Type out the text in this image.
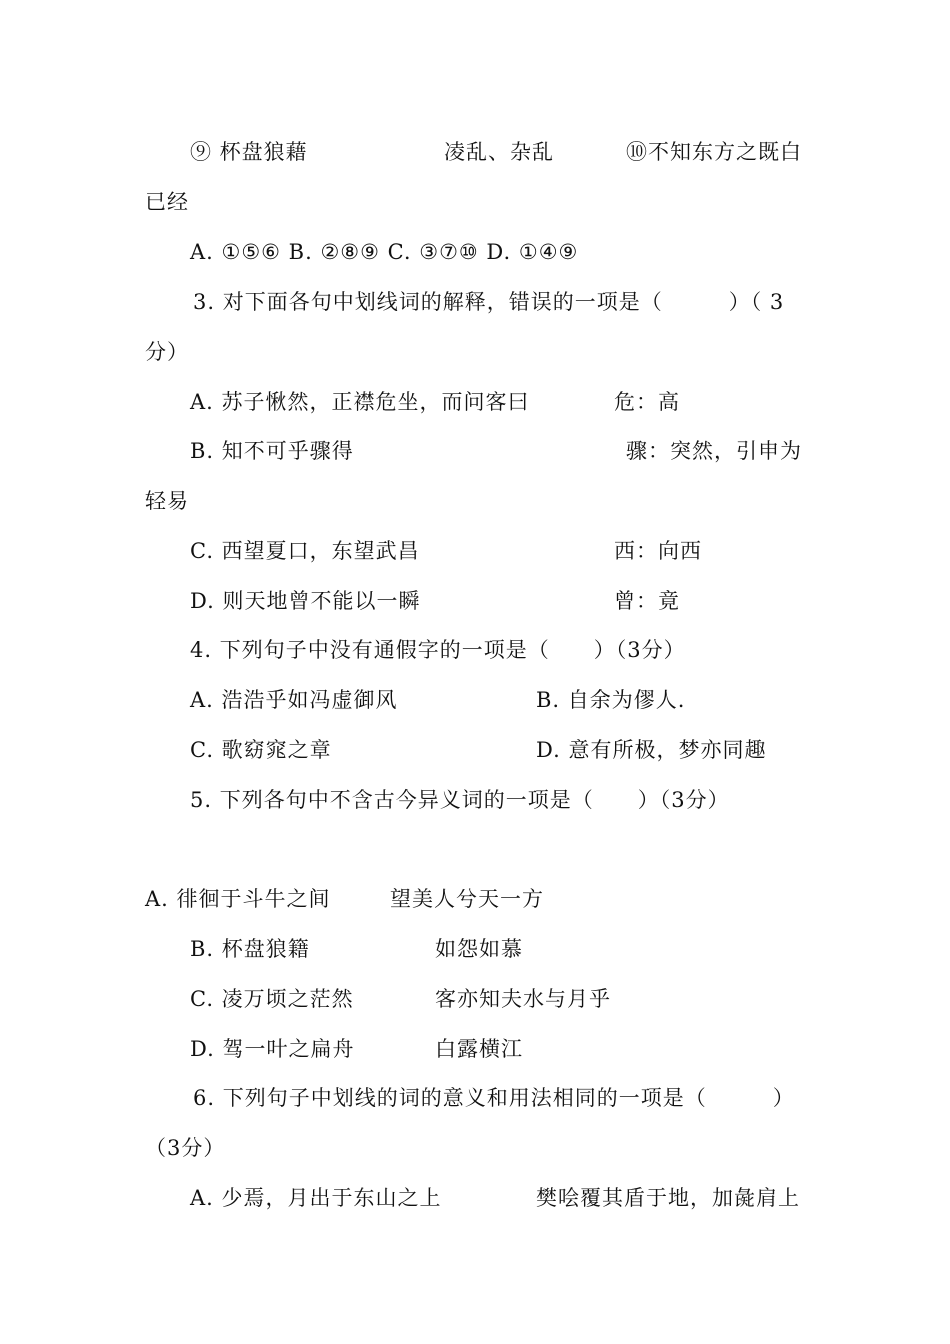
⑨ 杯盘狼藉	凌乱、杂乱	⑩不知东方之既白
已经
A. ①⑤⑥ B. ②⑧⑨ C. ③⑦⑩ D. ①④⑨
3. 对下面各句中划线词的解释，错误的一项是（　　　）（ 3
分）
A. 苏子愀然，正襟危坐，而问客曰	危：高
B. 知不可乎骤得	骤：突然，引申为
轻易
C. 西望夏口，东望武昌	西：向西
D. 则天地曾不能以一瞬	曾：竟
4. 下列句子中没有通假字的一项是（　　）（3分）
A. 浩浩乎如冯虚御风	B. 自余为僇人.
C. 歌窈窕之章	D. 意有所极，梦亦同趣
5. 下列各句中不含古今异义词的一项是（　　）（3分）
A. 徘徊于斗牛之间	望美人兮天一方
B. 杯盘狼籍	如怨如慕
C. 凌万顷之茫然	客亦知夫水与月乎
D. 驾一叶之扁舟	白露横江
6. 下列句子中划线的词的意义和用法相同的一项是（　　　）
（3分）
A. 少焉，月出于东山之上	樊哙覆其盾于地，加彘肩上
